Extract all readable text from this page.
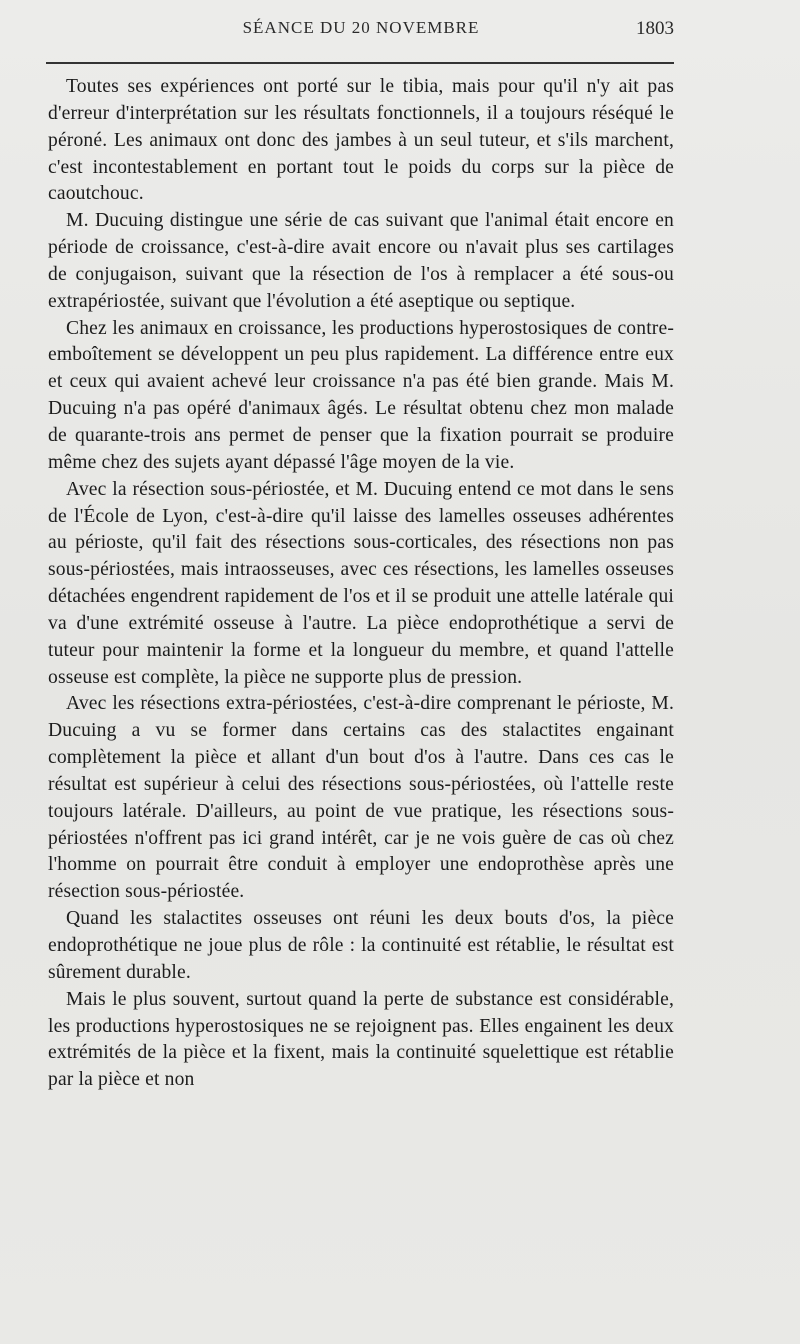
SÉANCE DU 20 NOVEMBRE	1803

Toutes ses expériences ont porté sur le tibia, mais pour qu'il n'y ait pas d'erreur d'interprétation sur les résultats fonctionnels, il a toujours réséqué le péroné. Les animaux ont donc des jambes à un seul tuteur, et s'ils marchent, c'est incontestablement en portant tout le poids du corps sur la pièce de caoutchouc.

M. Ducuing distingue une série de cas suivant que l'animal était encore en période de croissance, c'est-à-dire avait encore ou n'avait plus ses cartilages de conjugaison, suivant que la résection de l'os à remplacer a été sous-ou extrapériostée, suivant que l'évolution a été aseptique ou septique.

Chez les animaux en croissance, les productions hyperostosiques de contre-emboîtement se développent un peu plus rapidement. La différence entre eux et ceux qui avaient achevé leur croissance n'a pas été bien grande. Mais M. Ducuing n'a pas opéré d'animaux âgés. Le résultat obtenu chez mon malade de quarante-trois ans permet de penser que la fixation pourrait se produire même chez des sujets ayant dépassé l'âge moyen de la vie.

Avec la résection sous-périostée, et M. Ducuing entend ce mot dans le sens de l'École de Lyon, c'est-à-dire qu'il laisse des lamelles osseuses adhérentes au périoste, qu'il fait des résections sous-corticales, des résections non pas sous-périostées, mais intraosseuses, avec ces résections, les lamelles osseuses détachées engendrent rapidement de l'os et il se produit une attelle latérale qui va d'une extrémité osseuse à l'autre. La pièce endoprothétique a servi de tuteur pour maintenir la forme et la longueur du membre, et quand l'attelle osseuse est complète, la pièce ne supporte plus de pression.

Avec les résections extra-périostées, c'est-à-dire comprenant le périoste, M. Ducuing a vu se former dans certains cas des stalactites engainant complètement la pièce et allant d'un bout d'os à l'autre. Dans ces cas le résultat est supérieur à celui des résections sous-périostées, où l'attelle reste toujours latérale. D'ailleurs, au point de vue pratique, les résections sous-périostées n'offrent pas ici grand intérêt, car je ne vois guère de cas où chez l'homme on pourrait être conduit à employer une endoprothèse après une résection sous-périostée.

Quand les stalactites osseuses ont réuni les deux bouts d'os, la pièce endoprothétique ne joue plus de rôle : la continuité est rétablie, le résultat est sûrement durable.

Mais le plus souvent, surtout quand la perte de substance est considérable, les productions hyperostosiques ne se rejoignent pas. Elles engainent les deux extrémités de la pièce et la fixent, mais la continuité squelettique est rétablie par la pièce et non
